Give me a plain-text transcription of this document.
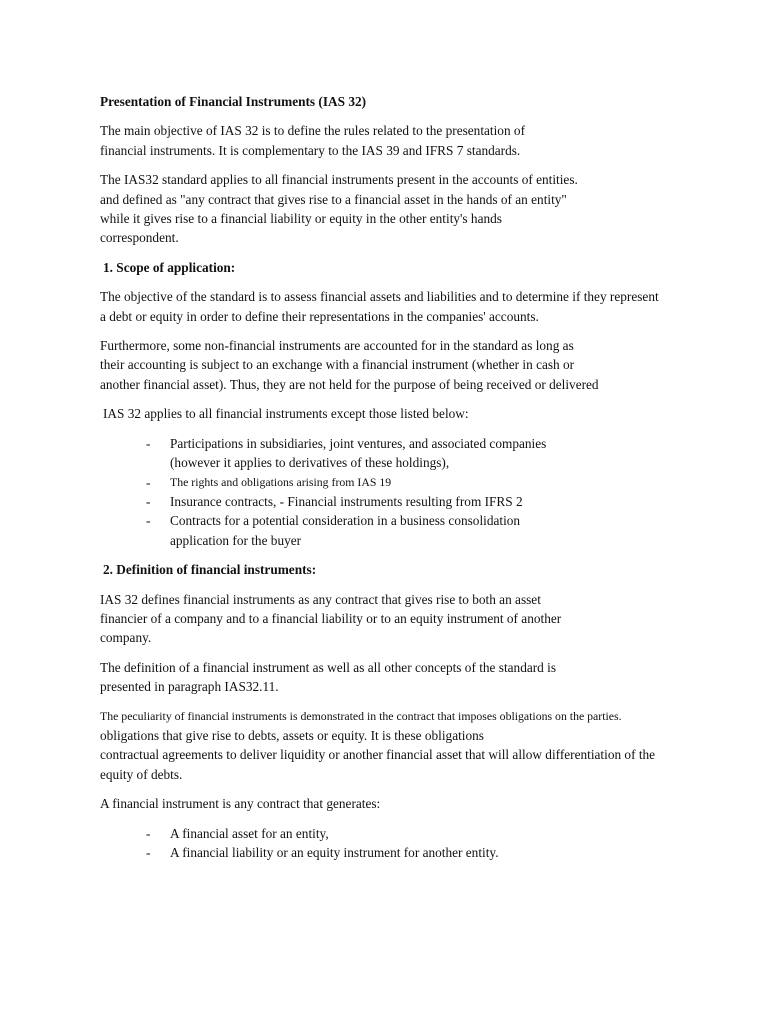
Presentation of Financial Instruments (IAS 32)

The main objective of IAS 32 is to define the rules related to the presentation of
financial instruments. It is complementary to the IAS 39 and IFRS 7 standards.

The IAS32 standard applies to all financial instruments present in the accounts of entities.
and defined as "any contract that gives rise to a financial asset in the hands of an entity"
while it gives rise to a financial liability or equity in the other entity's hands
correspondent.

1. Scope of application:

The objective of the standard is to assess financial assets and liabilities and to determine if they represent
a debt or equity in order to define their representations in the companies' accounts.

Furthermore, some non-financial instruments are accounted for in the standard as long as
their accounting is subject to an exchange with a financial instrument (whether in cash or
another financial asset). Thus, they are not held for the purpose of being received or delivered

IAS 32 applies to all financial instruments except those listed below:

- Participations in subsidiaries, joint ventures, and associated companies
(however it applies to derivatives of these holdings),
- The rights and obligations arising from IAS 19
- Insurance contracts, - Financial instruments resulting from IFRS 2
- Contracts for a potential consideration in a business consolidation
application for the buyer
2. Definition of financial instruments:

IAS 32 defines financial instruments as any contract that gives rise to both an asset
financier of a company and to a financial liability or to an equity instrument of another
company.

The definition of a financial instrument as well as all other concepts of the standard is
presented in paragraph IAS32.11.

The peculiarity of financial instruments is demonstrated in the contract that imposes obligations on the parties.
obligations that give rise to debts, assets or equity. It is these obligations
contractual agreements to deliver liquidity or another financial asset that will allow differentiation of the
equity of debts.

A financial instrument is any contract that generates:

- A financial asset for an entity,
- A financial liability or an equity instrument for another entity.
